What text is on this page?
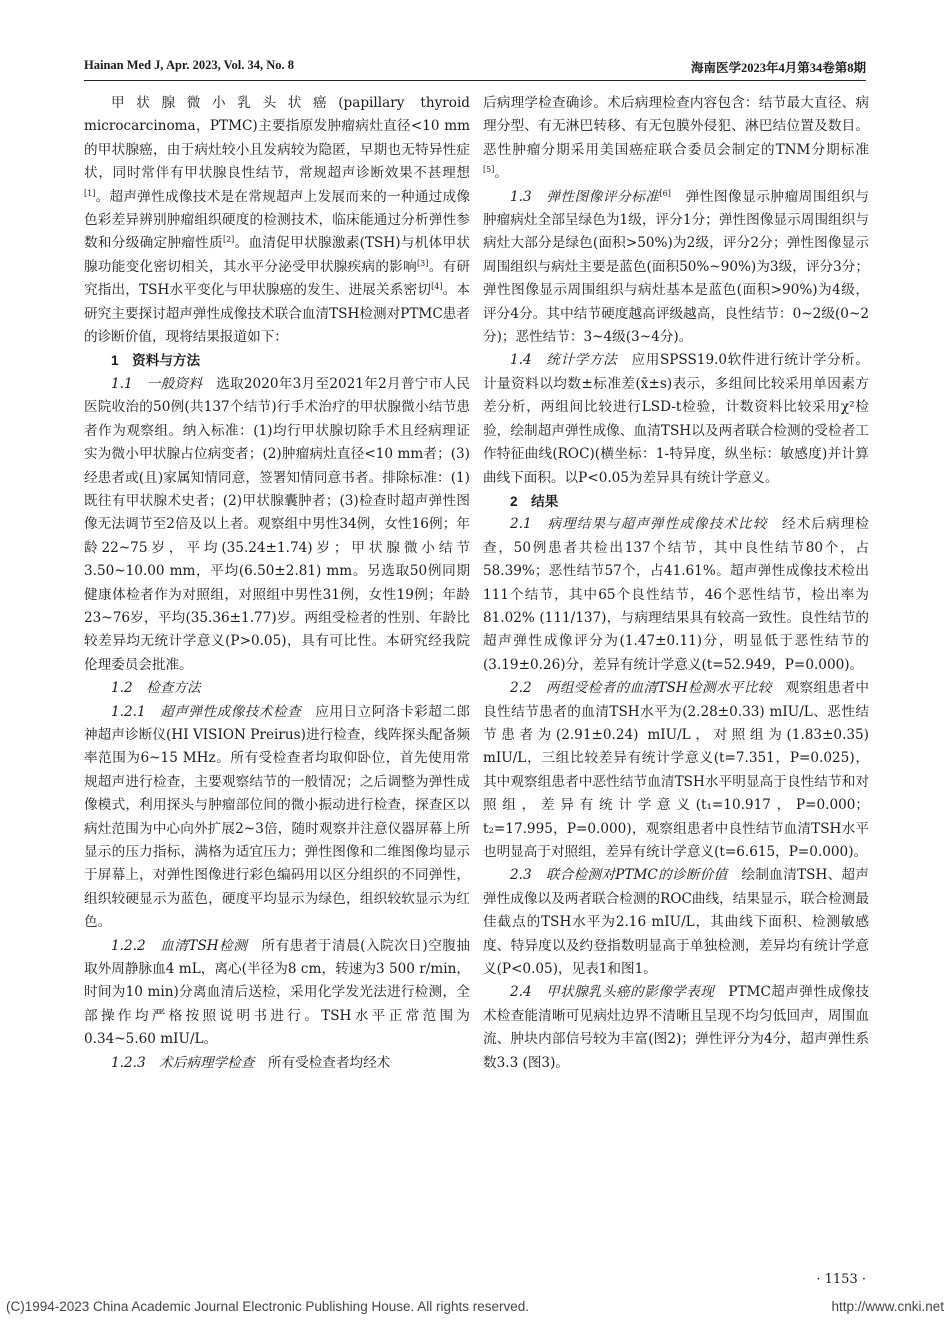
Hainan Med J, Apr. 2023, Vol. 34, No. 8	海南医学2023年4月第34卷第8期

甲状腺微小乳头状癌(papillary thyroid microcarcinoma，PTMC)主要指原发肿瘤病灶直径<10 mm的甲状腺癌，由于病灶较小且发病较为隐匿，早期也无特异性症状，同时常伴有甲状腺良性结节，常规超声诊断效果不甚理想[1]。超声弹性成像技术是在常规超声上发展而来的一种通过成像色彩差异辨别肿瘤组织硬度的检测技术，临床能通过分析弹性参数和分级确定肿瘤性质[2]。血清促甲状腺激素(TSH)与机体甲状腺功能变化密切相关，其水平分泌受甲状腺疾病的影响[3]。有研究指出，TSH水平变化与甲状腺癌的发生、进展关系密切[4]。本研究主要探讨超声弹性成像技术联合血清TSH检测对PTMC患者的诊断价值，现将结果报道如下：

1　资料与方法

1.1　一般资料　选取2020年3月至2021年2月普宁市人民医院收治的50例(共137个结节)行手术治疗的甲状腺微小结节患者作为观察组。纳入标准：(1)均行甲状腺切除手术且经病理证实为微小甲状腺占位病变者；(2)肿瘤病灶直径<10 mm者；(3)经患者或(且)家属知情同意，签署知情同意书者。排除标准：(1)既往有甲状腺术史者；(2)甲状腺囊肿者；(3)检查时超声弹性图像无法调节至2倍及以上者。观察组中男性34例，女性16例；年龄22~75岁，平均(35.24±1.74)岁；甲状腺微小结节3.50~10.00 mm，平均(6.50±2.81) mm。另选取50例同期健康体检者作为对照组，对照组中男性31例，女性19例；年龄23~76岁，平均(35.36±1.77)岁。两组受检者的性别、年龄比较差异均无统计学意义(P>0.05)，具有可比性。本研究经我院伦理委员会批准。

1.2　检查方法

1.2.1　超声弹性成像技术检查　应用日立阿洛卡彩超二郎神超声诊断仪(HI VISION Preirus)进行检查，线阵探头配备频率范围为6~15 MHz。所有受检查者均取仰卧位，首先使用常规超声进行检查，主要观察结节的一般情况；之后调整为弹性成像模式，利用探头与肿瘤部位间的微小振动进行检查，探查区以病灶范围为中心向外扩展2~3倍，随时观察并注意仪器屏幕上所显示的压力指标，满格为适宜压力；弹性图像和二维图像均显示于屏幕上，对弹性图像进行彩色编码用以区分组织的不同弹性，组织较硬显示为蓝色，硬度平均显示为绿色，组织较软显示为红色。

1.2.2　血清TSH检测　所有患者于清晨(入院次日)空腹抽取外周静脉血4 mL，离心(半径为8 cm，转速为3 500 r/min，时间为10 min)分离血清后送检，采用化学发光法进行检测，全部操作均严格按照说明书进行。TSH水平正常范围为0.34~5.60 mIU/L。

1.2.3　术后病理学检查　所有受检查者均经术

后病理学检查确诊。术后病理检查内容包含：结节最大直径、病理分型、有无淋巴转移、有无包膜外侵犯、淋巴结位置及数目。恶性肿瘤分期采用美国癌症联合委员会制定的TNM分期标准[5]。

1.3　弹性图像评分标准[6]　弹性图像显示肿瘤周围组织与肿瘤病灶全部呈绿色为1级，评分1分；弹性图像显示周围组织与病灶大部分是绿色(面积>50%)为2级，评分2分；弹性图像显示周围组织与病灶主要是蓝色(面积50%~90%)为3级，评分3分；弹性图像显示周围组织与病灶基本是蓝色(面积>90%)为4级，评分4分。其中结节硬度越高评级越高，良性结节：0~2级(0~2分)；恶性结节：3~4级(3~4分)。

1.4　统计学方法　应用SPSS19.0软件进行统计学分析。计量资料以均数±标准差(x̄±s)表示，多组间比较采用单因素方差分析，两组间比较进行LSD-t检验，计数资料比较采用χ²检验，绘制超声弹性成像、血清TSH以及两者联合检测的受检者工作特征曲线(ROC)(横坐标：1-特异度，纵坐标：敏感度)并计算曲线下面积。以P<0.05为差异具有统计学意义。

2　结果

2.1　病理结果与超声弹性成像技术比较　经术后病理检查，50例患者共检出137个结节，其中良性结节80个，占58.39%；恶性结节57个，占41.61%。超声弹性成像技术检出111个结节，其中65个良性结节，46个恶性结节，检出率为81.02% (111/137)，与病理结果具有较高一致性。良性结节的超声弹性成像评分为(1.47±0.11)分，明显低于恶性结节的(3.19±0.26)分，差异有统计学意义(t=52.949，P=0.000)。

2.2　两组受检者的血清TSH检测水平比较　观察组患者中良性结节患者的血清TSH水平为(2.28±0.33) mIU/L、恶性结节患者为(2.91±0.24) mIU/L，对照组为(1.83±0.35) mIU/L，三组比较差异有统计学意义(t=7.351，P=0.025)，其中观察组患者中恶性结节血清TSH水平明显高于良性结节和对照组，差异有统计学意义(t₁=10.917，P=0.000；t₂=17.995，P=0.000)，观察组患者中良性结节血清TSH水平也明显高于对照组，差异有统计学意义(t=6.615，P=0.000)。

2.3　联合检测对PTMC的诊断价值　绘制血清TSH、超声弹性成像以及两者联合检测的ROC曲线，结果显示，联合检测最佳截点的TSH水平为2.16 mIU/L，其曲线下面积、检测敏感度、特异度以及约登指数明显高于单独检测，差异均有统计学意义(P<0.05)，见表1和图1。

2.4　甲状腺乳头癌的影像学表现　PTMC超声弹性成像技术检查能清晰可见病灶边界不清晰且呈现不均匀低回声，周围血流、肿块内部信号较为丰富(图2)；弹性评分为4分，超声弹性系数3.3 (图3)。

· 1153 ·
(C)1994-2023 China Academic Journal Electronic Publishing House. All rights reserved.	http://www.cnki.net
